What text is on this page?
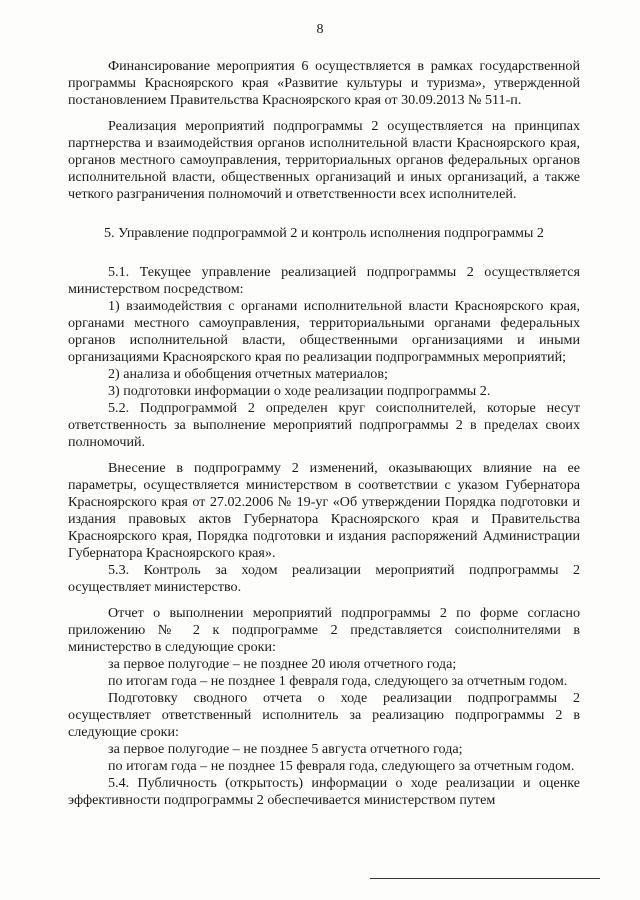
8

Финансирование мероприятия 6 осуществляется в рамках государственной программы Красноярского края «Развитие культуры и туризма», утвержденной постановлением Правительства Красноярского края от 30.09.2013 № 511-п.

Реализация мероприятий подпрограммы 2 осуществляется на принципах партнерства и взаимодействия органов исполнительной власти Красноярского края, органов местного самоуправления, территориальных органов федеральных органов исполнительной власти, общественных организаций и иных организаций, а также четкого разграничения полномочий и ответственности всех исполнителей.

5. Управление подпрограммой 2 и контроль исполнения подпрограммы 2

5.1. Текущее управление реализацией подпрограммы 2 осуществляется министерством посредством:

1) взаимодействия с органами исполнительной власти Красноярского края, органами местного самоуправления, территориальными органами федеральных органов исполнительной власти, общественными организациями и иными организациями Красноярского края по реализации подпрограммных мероприятий;

2) анализа и обобщения отчетных материалов;

3) подготовки информации о ходе реализации подпрограммы 2.

5.2. Подпрограммой 2 определен круг соисполнителей, которые несут ответственность за выполнение мероприятий подпрограммы 2 в пределах своих полномочий.

Внесение в подпрограмму 2 изменений, оказывающих влияние на ее параметры, осуществляется министерством в соответствии с указом Губернатора Красноярского края от 27.02.2006 № 19-уг «Об утверждении Порядка подготовки и издания правовых актов Губернатора Красноярского края и Правительства Красноярского края, Порядка подготовки и издания распоряжений Администрации Губернатора Красноярского края».

5.3. Контроль за ходом реализации мероприятий подпрограммы 2 осуществляет министерство.

Отчет о выполнении мероприятий подпрограммы 2 по форме согласно приложению № 2 к подпрограмме 2 представляется соисполнителями в министерство в следующие сроки:

за первое полугодие – не позднее 20 июля отчетного года;

по итогам года – не позднее 1 февраля года, следующего за отчетным годом.

Подготовку сводного отчета о ходе реализации подпрограммы 2 осуществляет ответственный исполнитель за реализацию подпрограммы 2 в следующие сроки:

за первое полугодие – не позднее 5 августа отчетного года;

по итогам года – не позднее 15 февраля года, следующего за отчетным годом.

5.4. Публичность (открытость) информации о ходе реализации и оценке эффективности подпрограммы 2 обеспечивается министерством путем
